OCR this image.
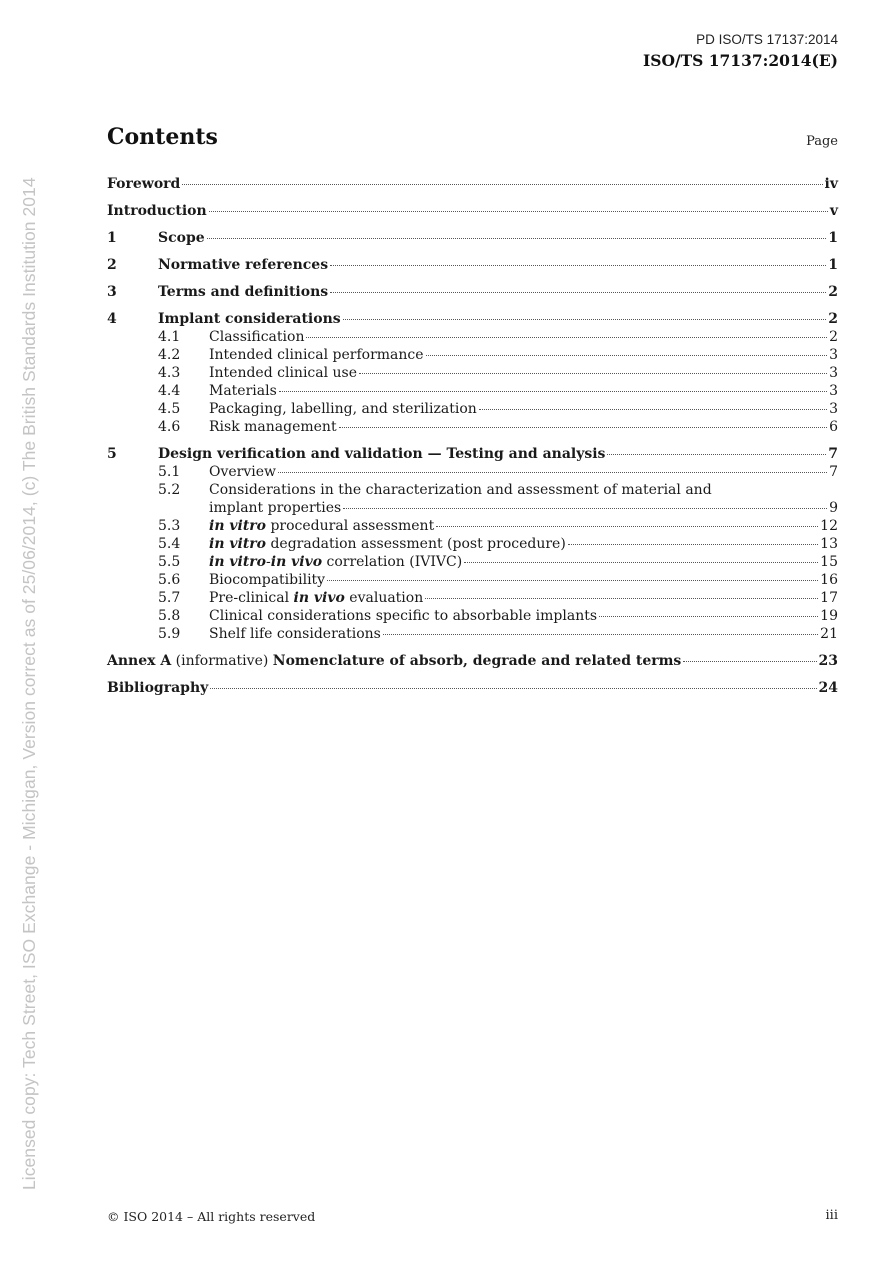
PD ISO/TS 17137:2014
ISO/TS 17137:2014(E)
Licensed copy: Tech Street, ISO Exchange - Michigan, Version correct as of 25/06/2014, (c) The British Standards Institution 2014
Contents	Page
Foreword	iv
Introduction	v
1	Scope	1
2	Normative references	1
3	Terms and definitions	2
4	Implant considerations	2
4.1	Classification	2
4.2	Intended clinical performance	3
4.3	Intended clinical use	3
4.4	Materials	3
4.5	Packaging, labelling, and sterilization	3
4.6	Risk management	6
5	Design verification and validation — Testing and analysis	7
5.1	Overview	7
5.2 Considerations in the characterization and assessment of material and
implant properties	9
5.3	in vitro procedural assessment	12
5.4	in vitro degradation assessment (post procedure)	13
5.5	in vitro-in vivo correlation (IVIVC)	15
5.6	Biocompatibility	16
5.7	Pre-clinical in vivo evaluation	17
5.8	Clinical considerations specific to absorbable implants	19
5.9	Shelf life considerations	21
Annex A (informative) Nomenclature of absorb, degrade and related terms	23
Bibliography	24
© ISO 2014 – All rights reserved	iii
